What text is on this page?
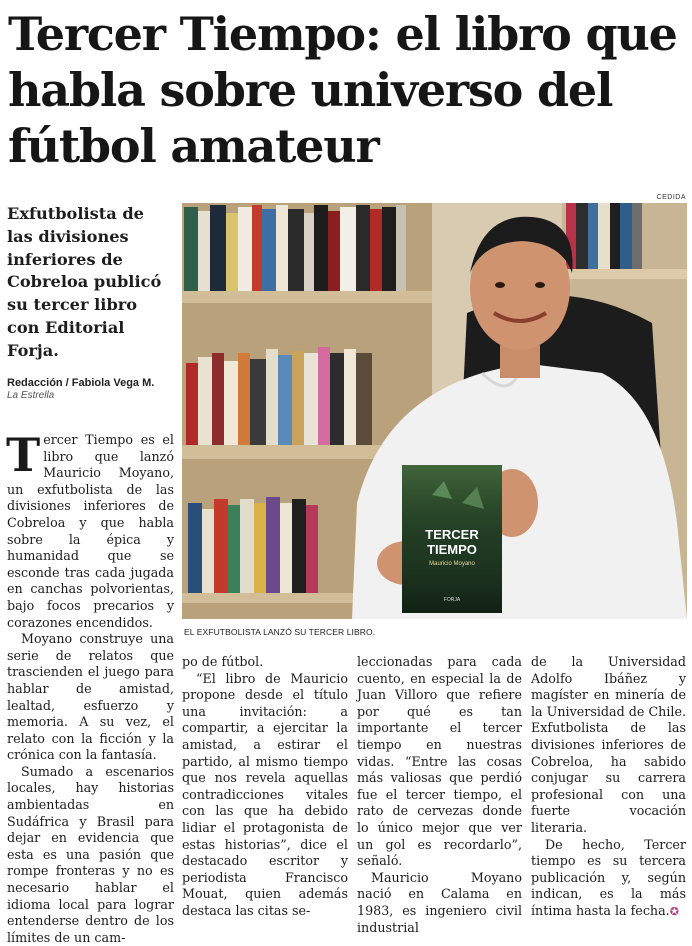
Tercer Tiempo: el libro que habla sobre universo del fútbol amateur
CEDIDA

Exfutbolista de las divisiones inferiores de Cobreloa publicó su tercer libro con Editorial Forja.

Redacción / Fabiola Vega M.
La Estrella
TERCER
TIEMPO
Mauricio Moyano
FORJA
EL EXFUTBOLISTA LANZÓ SU TERCER LIBRO.

Tercer Tiempo es el libro que lanzó Mauricio Moyano, un exfutbolista de las divisiones inferiores de Cobreloa y que habla sobre la épica y humanidad que se esconde tras cada jugada en canchas polvorientas, bajo focos precarios y corazones encendidos.

Moyano construye una serie de relatos que trascienden el juego para hablar de amistad, lealtad, esfuerzo y memoria. A su vez, el relato con la ficción y la crónica con la fantasía.

Sumado a escenarios locales, hay historias ambientadas en Sudáfrica y Brasil para dejar en evidencia que esta es una pasión que rompe fronteras y no es necesario hablar el idioma local para lograr entenderse dentro de los límites de un cam-

po de fútbol.

“El libro de Mauricio propone desde el título una invitación: a compartir, a ejercitar la amistad, a estirar el partido, al mismo tiempo que nos revela aquellas contradicciones vitales con las que ha debido lidiar el protagonista de estas historias”, dice el destacado escritor y periodista Francisco Mouat, quien además destaca las citas se-

leccionadas para cada cuento, en especial la de Juan Villoro que refiere por qué es tan importante el tercer tiempo en nuestras vidas. “Entre las cosas más valiosas que perdió fue el tercer tiempo, el rato de cervezas donde lo único mejor que ver un gol es recordarlo”, señaló.

Mauricio Moyano nació en Calama en 1983, es ingeniero civil industrial

de la Universidad Adolfo Ibáñez y magíster en minería de la Universidad de Chile. Exfutbolista de las divisiones inferiores de Cobreloa, ha sabido conjugar su carrera profesional con una fuerte vocación literaria.

De hecho, Tercer tiempo es su tercera publicación y, según indican, es la más íntima hasta la fecha.✪
